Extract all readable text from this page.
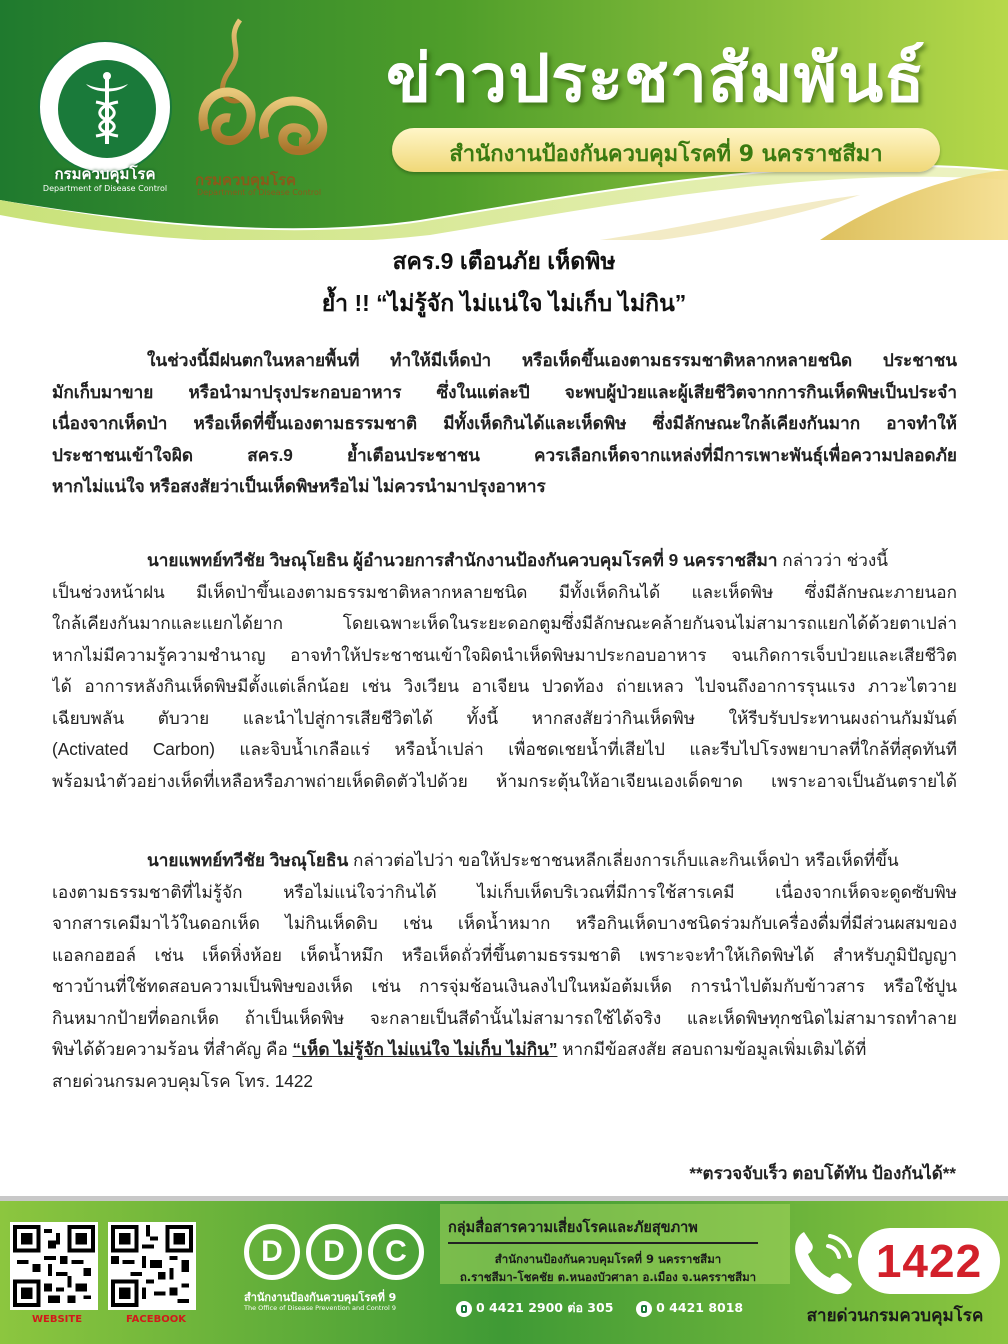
กรมควบคุมโรค
Department of Disease Control	กรมควบคุมโรค
Department of Disease Control
ข่าวประชาสัมพันธ์
สำนักงานป้องกันควบคุมโรคที่ 9 นครราชสีมา
สคร.9 เตือนภัย เห็ดพิษ
ย้ำ !! “ไม่รู้จัก ไม่แน่ใจ ไม่เก็บ ไม่กิน”
ในช่วงนี้มีฝนตกในหลายพื้นที่ ทำให้มีเห็ดป่า หรือเห็ดขึ้นเองตามธรรมชาติหลากหลายชนิด ประชาชน
มักเก็บมาขาย หรือนำมาปรุงประกอบอาหาร ซึ่งในแต่ละปี จะพบผู้ป่วยและผู้เสียชีวิตจากการกินเห็ดพิษเป็นประจำ
เนื่องจากเห็ดป่า หรือเห็ดที่ขึ้นเองตามธรรมชาติ มีทั้งเห็ดกินได้และเห็ดพิษ ซึ่งมีลักษณะใกล้เคียงกันมาก อาจทำให้
ประชาชนเข้าใจผิด สคร.9 ย้ำเตือนประชาชน ควรเลือกเห็ดจากแหล่งที่มีการเพาะพันธุ์เพื่อความปลอดภัย
หากไม่แน่ใจ หรือสงสัยว่าเป็นเห็ดพิษหรือไม่ ไม่ควรนำมาปรุงอาหาร
นายแพทย์ทวีชัย วิษณุโยธิน ผู้อำนวยการสำนักงานป้องกันควบคุมโรคที่ 9 นครราชสีมา กล่าวว่า ช่วงนี้
เป็นช่วงหน้าฝน มีเห็ดป่าขึ้นเองตามธรรมชาติหลากหลายชนิด มีทั้งเห็ดกินได้ และเห็ดพิษ ซึ่งมีลักษณะภายนอก
ใกล้เคียงกันมากและแยกได้ยาก โดยเฉพาะเห็ดในระยะดอกตูมซึ่งมีลักษณะคล้ายกันจนไม่สามารถแยกได้ด้วยตาเปล่า
หากไม่มีความรู้ความชำนาญ อาจทำให้ประชาชนเข้าใจผิดนำเห็ดพิษมาประกอบอาหาร จนเกิดการเจ็บป่วยและเสียชีวิต
ได้ อาการหลังกินเห็ดพิษมีตั้งแต่เล็กน้อย เช่น วิงเวียน อาเจียน ปวดท้อง ถ่ายเหลว ไปจนถึงอาการรุนแรง ภาวะไตวาย
เฉียบพลัน ตับวาย และนำไปสู่การเสียชีวิตได้ ทั้งนี้ หากสงสัยว่ากินเห็ดพิษ ให้รีบรับประทานผงถ่านกัมมันต์
(Activated Carbon) และจิบน้ำเกลือแร่ หรือน้ำเปล่า เพื่อชดเชยน้ำที่เสียไป และรีบไปโรงพยาบาลที่ใกล้ที่สุดทันที
พร้อมนำตัวอย่างเห็ดที่เหลือหรือภาพถ่ายเห็ดติดตัวไปด้วย ห้ามกระตุ้นให้อาเจียนเองเด็ดขาด เพราะอาจเป็นอันตรายได้
นายแพทย์ทวีชัย วิษณุโยธิน กล่าวต่อไปว่า ขอให้ประชาชนหลีกเลี่ยงการเก็บและกินเห็ดป่า หรือเห็ดที่ขึ้น
เองตามธรรมชาติที่ไม่รู้จัก หรือไม่แน่ใจว่ากินได้ ไม่เก็บเห็ดบริเวณที่มีการใช้สารเคมี เนื่องจากเห็ดจะดูดซับพิษ
จากสารเคมีมาไว้ในดอกเห็ด ไม่กินเห็ดดิบ เช่น เห็ดน้ำหมาก หรือกินเห็ดบางชนิดร่วมกับเครื่องดื่มที่มีส่วนผสมของ
แอลกอฮอล์ เช่น เห็ดหิ่งห้อย เห็ดน้ำหมึก หรือเห็ดถั่วที่ขึ้นตามธรรมชาติ เพราะจะทำให้เกิดพิษได้ สำหรับภูมิปัญญา
ชาวบ้านที่ใช้ทดสอบความเป็นพิษของเห็ด เช่น การจุ่มช้อนเงินลงไปในหม้อต้มเห็ด การนำไปต้มกับข้าวสาร หรือใช้ปูน
กินหมากป้ายที่ดอกเห็ด ถ้าเป็นเห็ดพิษ จะกลายเป็นสีดำนั้นไม่สามารถใช้ได้จริง และเห็ดพิษทุกชนิดไม่สามารถทำลาย
พิษได้ด้วยความร้อน ที่สำคัญ คือ “เห็ด ไม่รู้จัก ไม่แน่ใจ ไม่เก็บ ไม่กิน” หากมีข้อสงสัย สอบถามข้อมูลเพิ่มเติมได้ที่
สายด่วนกรมควบคุมโรค โทร. 1422
**ตรวจจับเร็ว ตอบโต้ทัน ป้องกันได้**
WEBSITE	FACEBOOK
D	D	C
สำนักงานป้องกันควบคุมโรคที่ 9
The Office of Disease Prevention and Control 9
กลุ่มสื่อสารความเสี่ยงโรคและภัยสุขภาพ
สำนักงานป้องกันควบคุมโรคที่ 9 นครราชสีมา
ถ.ราชสีมา-โชคชัย ต.หนองบัวศาลา อ.เมือง จ.นครราชสีมา
0 4421 2900 ต่อ 305	0 4421 8018
1422
สายด่วนกรมควบคุมโรค
